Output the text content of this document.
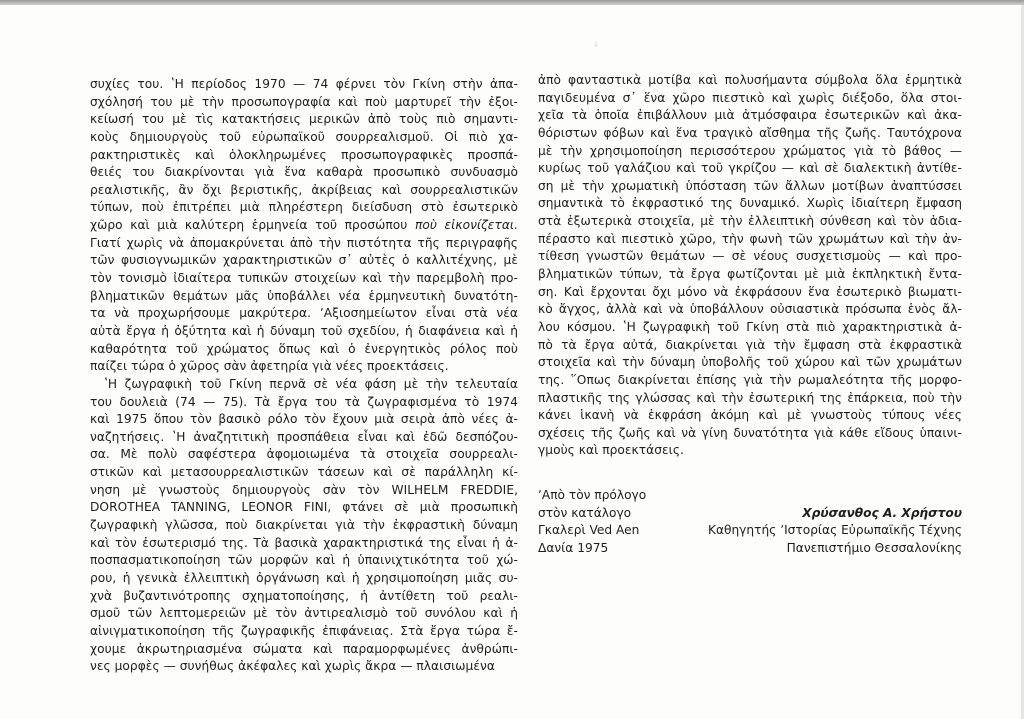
⸸
συχίες του. ʽΗ περίοδος 1970 — 74 φέρνει τὸν Γκίνη στὴν ἀπα-
σχόλησή του μὲ τὴν προσωπογραφία καὶ ποὺ μαρτυρεῖ τὴν ἐξοι-
κείωσή του μὲ τὶς κατακτήσεις μερικῶν ἀπὸ τοὺς πιὸ σημαντι-
κοὺς δημιουργοὺς τοῦ εὐρωπαϊκοῦ σουρρεαλισμοῦ. Οἱ πιὸ χα-
ρακτηριστικὲς καὶ ὁλοκληρωμένες προσωπογραφικὲς προσπά-
θειές του διακρίνονται γιὰ ἕνα καθαρὰ προσωπικὸ συνδυασμὸ
ρεαλιστικῆς, ἂν ὄχι βεριστικῆς, ἀκρίβειας καὶ σουρρεαλιστικῶν
τύπων, ποὺ ἐπιτρέπει μιὰ πληρέστερη διείσδυση στὸ ἐσωτερικὸ
χῶρο καὶ μιὰ καλύτερη ἑρμηνεία τοῦ προσώπου ποὺ εἰκονίζεται.
Γιατί χωρὶς νὰ ἀπομακρύνεται ἀπὸ τὴν πιστότητα τῆς περιγραφῆς
τῶν φυσιογνωμικῶν χαρακτηριστικῶν σ᾽ αὐτὲς ὁ καλλιτέχνης, μὲ
τὸν τονισμὸ ἰδιαίτερα τυπικῶν στοιχείων καὶ τὴν παρεμβολὴ προ-
βληματικῶν θεμάτων μᾶς ὑποβάλλει νέα ἑρμηνευτικὴ δυνατότη-
τα νὰ προχωρήσουμε μακρύτερα. ʼΑξιοσημείωτον εἶναι στὰ νέα
αὐτὰ ἔργα ἡ ὀξύτητα καὶ ἡ δύναμη τοῦ σχεδίου, ἡ διαφάνεια καὶ ἡ
καθαρότητα τοῦ χρώματος ὅπως καὶ ὁ ἐνεργητικὸς ρόλος ποὺ
παίζει τώρα ὁ χῶρος σὰν ἀφετηρία γιὰ νέες προεκτάσεις.
ʽΗ ζωγραφικὴ τοῦ Γκίνη περνᾶ σὲ νέα φάση μὲ τὴν τελευταία
του δουλειὰ (74 — 75). Τὰ ἔργα του τὰ ζωγραφισμένα τὸ 1974
καὶ 1975 ὅπου τὸν βασικὸ ρόλο τὸν ἔχουν μιὰ σειρὰ ἀπὸ νέες ἀ-
ναζητήσεις. ʽΗ ἀναζητιτικὴ προσπάθεια εἶναι καὶ ἐδῶ δεσπόζου-
σα. Μὲ πολὺ σαφέστερα ἀφομοιωμένα τὰ στοιχεῖα σουρρεαλι-
στικῶν καὶ μετασουρρεαλιστικῶν τάσεων καὶ σὲ παράλληλη κί-
νηση μὲ γνωστοὺς δημιουργοὺς σὰν τὸν WILHELM FREDDIE,
DOROTHEA TANNING, LEONOR FINI, φτάνει σὲ μιὰ προσωπικὴ
ζωγραφικὴ γλῶσσα, ποὺ διακρίνεται γιὰ τὴν ἐκφραστικὴ δύναμη
καὶ τὸν ἐσωτερισμό της. Τὰ βασικὰ χαρακτηριστικά της εἶναι ἡ ἀ-
ποσπασματικοποίηση τῶν μορφῶν καὶ ἡ ὑπαινιχτικότητα τοῦ χώ-
ρου, ἡ γενικὰ ἐλλειπτικὴ ὀργάνωση καὶ ἡ χρησιμοποίηση μιᾶς συ-
χνὰ βυζαντινότροπης σχηματοποίησης, ἡ ἀντίθετη τοῦ ρεαλι-
σμοῦ τῶν λεπτομερειῶν μὲ τὸν ἀντιρεαλισμὸ τοῦ συνόλου καὶ ἡ
αἰνιγματικοποίηση τῆς ζωγραφικῆς ἐπιφάνειας. Στὰ ἔργα τώρα ἔ-
χουμε ἀκρωτηριασμένα σώματα καὶ παραμορφωμένες ἀνθρώπι-
νες μορφὲς — συνήθως ἀκέφαλες καὶ χωρὶς ἄκρα — πλαισιωμένα
ἀπὸ φανταστικὰ μοτίβα καὶ πολυσήμαντα σύμβολα ὅλα ἑρμητικὰ
παγιδευμένα σ᾽ ἕνα χῶρο πιεστικὸ καὶ χωρὶς διέξοδο, ὅλα στοι-
χεῖα τὰ ὁποῖα ἐπιβάλλουν μιὰ ἀτμόσφαιρα ἐσωτερικῶν καὶ ἀκα-
θόριστων φόβων καὶ ἕνα τραγικὸ αἴσθημα τῆς ζωῆς. Ταυτόχρονα
μὲ τὴν χρησιμοποίηση περισσότερου χρώματος γιὰ τὸ βάθος —
κυρίως τοῦ γαλάζιου καὶ τοῦ γκρίζου — καὶ σὲ διαλεκτικὴ ἀντίθε-
ση μὲ τὴν χρωματικὴ ὑπόσταση τῶν ἄλλων μοτίβων ἀναπτύσσει
σημαντικὰ τὸ ἐκφραστικό της δυναμικό. Χωρὶς ἰδιαίτερη ἔμφαση
στὰ ἐξωτερικὰ στοιχεῖα, μὲ τὴν ἐλλειπτικὴ σύνθεση καὶ τὸν ἀδια-
πέραστο καὶ πιεστικὸ χῶρο, τὴν φωνὴ τῶν χρωμάτων καὶ τὴν ἀν-
τίθεση γνωστῶν θεμάτων — σὲ νέους συσχετισμοὺς — καὶ προ-
βληματικῶν τύπων, τὰ ἔργα φωτίζονται μὲ μιὰ ἐκπληκτικὴ ἔντα-
ση. Καὶ ἔρχονται ὄχι μόνο νὰ ἐκφράσουν ἕνα ἐσωτερικὸ βιωματι-
κὸ ἄγχος, ἀλλὰ καὶ νὰ ὑποβάλλουν οὐσιαστικὰ πρόσωπα ἑνὸς ἄλ-
λου κόσμου. ʽΗ ζωγραφικὴ τοῦ Γκίνη στὰ πιὸ χαρακτηριστικὰ ἀ-
πὸ τὰ ἔργα αὐτά, διακρίνεται γιὰ τὴν ἔμφαση στὰ ἐκφραστικὰ
στοιχεῖα καὶ τὴν δύναμη ὑποβολῆς τοῦ χώρου καὶ τῶν χρωμάτων
της. ῞Οπως διακρίνεται ἐπίσης γιὰ τὴν ρωμαλεότητα τῆς μορφο-
πλαστικῆς της γλώσσας καὶ τὴν ἐσωτερική της ἐπάρκεια, ποὺ τὴν
κάνει ἱκανὴ νὰ ἐκφράση ἀκόμη καὶ μὲ γνωστοὺς τύπους νέες
σχέσεις τῆς ζωῆς καὶ νὰ γίνη δυνατότητα γιὰ κάθε εἴδους ὑπαινι-
γμοὺς καὶ προεκτάσεις.
ʼΑπὸ τὸν πρόλογο
στὸν κατάλογο
Γκαλερὶ Ved Aen
Δανία 1975
Χρύσανθος Α. Χρήστου
Καθηγητής ʼΙστορίας Εὐρωπαϊκῆς Τέχνης
Πανεπιστήμιο Θεσσαλονίκης
